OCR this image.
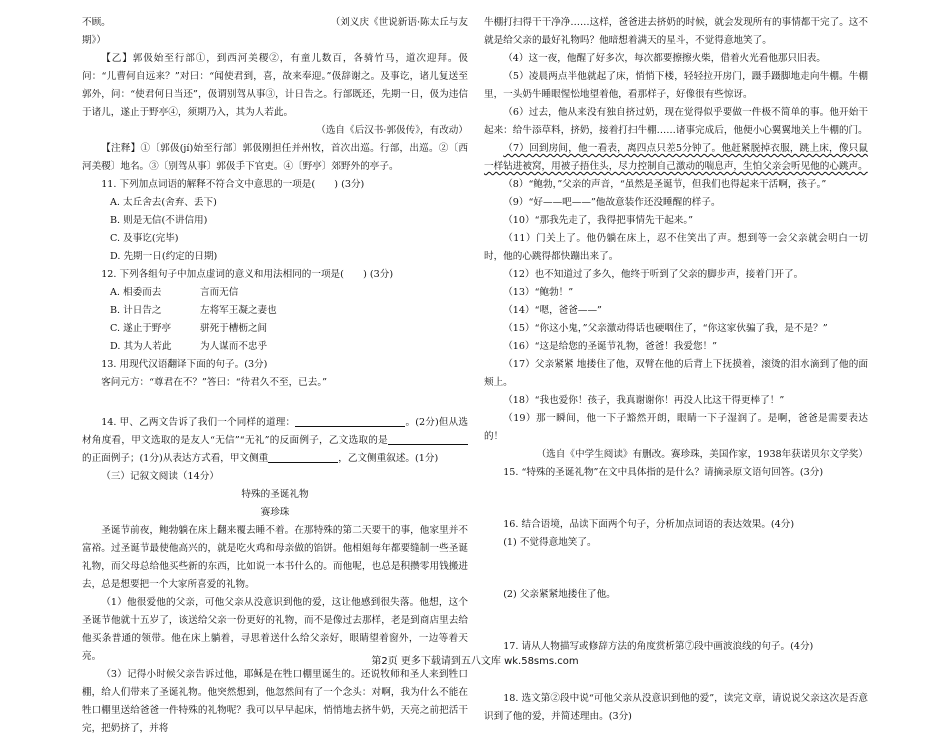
不顾。	（刘义庆《世说新语·陈太丘与友
期》）

【乙】郭伋始至行部①，到西河美稷②，有童儿数百，各骑竹马，道次迎拜。伋问：“儿曹何自远来？”对曰：“闻使君到，喜，故来奉迎。”伋辞谢之。及事讫，诸儿复送至郭外，问：“使君何日当还”，伋谓别驾从事③，计日告之。行部既还，先期一日，伋为违信于诸儿，遂止于野亭④，须期乃入，其为人若此。

（选自《后汉书·郭伋传》，有改动）

【注释】①〔郭伋(jí)始至行部〕郭伋刚担任并州牧，首次出巡。行部，出巡。②〔西河美稷〕地名。③〔别驾从事〕郭伋手下官吏。④〔野亭〕郊野外的亭子。

11. 下列加点词语的解释不符合文中意思的一项是(　　) (3分)

A. 太丘舍去(舍弃、丢下)
B. 则是无信(不讲信用)
C. 及事讫(完毕)
D. 先期一日(约定的日期)

12. 下列各组句子中加点虚词的意义和用法相同的一项是(　　) (3分)

A. 相委而去	言而无信
B. 计日告之	左将军王凝之妻也
C. 遂止于野亭	骈死于槽枥之间
D. 其为人若此	为人谋而不忠乎

13. 用现代汉语翻译下面的句子。(3分)

客问元方：“尊君在不？”答曰：“待君久不至，已去。”

14. 甲、乙两文告诉了我们一个同样的道理：	。(2分)但从选材角度看，甲文选取的是友人“无信”“无礼”的反面例子，乙文选取的是的正面例子；(1分)从表达方式看，甲文侧重	，乙文侧重叙述。(1分)

（三）记叙文阅读（14分）

特殊的圣诞礼物

赛珍珠

圣诞节前夜，鲍勃躺在床上翻来覆去睡不着。在那特殊的第二天要干的事，他家里并不富裕。过圣诞节最使他高兴的，就是吃火鸡和母亲做的馅饼。他相姐每年都要缝制一些圣诞礼物，而父母总给他买些新的东西，比如说一本书什么的。而他呢，也总是积攒零用钱搬进去，总是想要把一个大家所喜爱的礼物。

（1）他很爱他的父亲，可他父亲从没意识到他的爱，这让他感到很失落。他想，这个圣诞节他就十五岁了，该送给父亲一份更好的礼物，而不是像过去那样，老是到商店里去给他买条普通的领带。他在床上躺着，寻思着送什么给父亲好，眼睛望着窗外，一边等着天亮。

（3）记得小时候父亲告诉过他，耶稣是在牲口棚里诞生的。还说牧师和圣人来到牲口棚，给人们带来了圣诞礼物。他突然想到，他忽然间有了一个念头：对啊，我为什么不能在牲口棚里送给爸爸一件特殊的礼物呢？我可以早早起床，悄悄地去挤牛奶，天亮之前把活干完，把奶挤了，并将

牛棚打扫得干干净净……这样，爸爸进去挤奶的时候，就会发现所有的事情都干完了。这不就是给父亲的最好礼物吗？他暗想着满天的星斗，不觉得意地笑了。

（4）这一夜，他醒了好多次，每次都要擦擦火柴，借着火光看他那只旧表。

（5）凌晨两点半他就起了床，悄悄下楼，轻轻拉开房门，蹑手蹑脚地走向牛棚。牛棚里，一头奶牛睡眼惺忪地望着他，看那样子，好像很有些惊讶。

（6）过去，他从来没有独自挤过奶，现在觉得似乎要做一件极不简单的事。他开始干起来：给牛添草料，挤奶，接着打扫牛棚……诸事完成后，他便小心翼翼地关上牛棚的门。

（7）回到房间，他一看表，离四点只差5分钟了。他赶紧脱掉衣服，跳上床，像只鼠一样钻进被窝，用被子捂住头，尽力控制自己激动的喘息声，生怕父亲会听见他的心跳声。

（8）“鲍勃，”父亲的声音，“虽然是圣诞节，但我们也得起来干活啊，孩子。”

（9）“好——吧——”他故意装作还没睡醒的样子。

（10）“那我先走了，我得把事情先干起来。”

（11）门关上了。他仍躺在床上，忍不住笑出了声。想到等一会父亲就会明白一切时，他的心跳得都快蹦出来了。

（12）也不知道过了多久，他终于听到了父亲的脚步声，接着门开了。

（13）“鲍勃！”

（14）“嗯，爸爸——”

（15）“你这小鬼，”父亲激动得话也硬咽住了，“你这家伙骗了我，是不是？”

（16）“这是给您的圣诞节礼物，爸爸！我爱您！”

（17）父亲紧紧 地搂住了他，双臂在他的后背上下抚摸着，滚烫的泪水滴到了他的面颊上。

（18）“我也爱你！孩子，我真谢谢你！再没人比这干得更棒了！”

（19）那一瞬间，他一下子豁然开朗，眼睛一下子湿润了。是啊，爸爸是需要表达的！

（选自《中学生阅读》有删改。赛珍珠，美国作家，1938年获诺贝尔文学奖）

15. “特殊的圣诞礼物”在文中具体指的是什么？请摘录原文语句回答。(3分)

16. 结合语境，品读下面两个句子，分析加点词语的表达效果。(4分)

(1) 不觉得意地笑了。

(2) 父亲紧紧地搂住了他。

17. 请从人物描写或修辞方法的角度赏析第⑦段中画波浪线的句子。(4分)

18. 选文第②段中说“可他父亲从没意识到他的爱”，读完文章，请说说父亲这次是否意识到了他的爱，并简述理由。(3分)

第2页 更多下载请到五八文库 wk.58sms.com
